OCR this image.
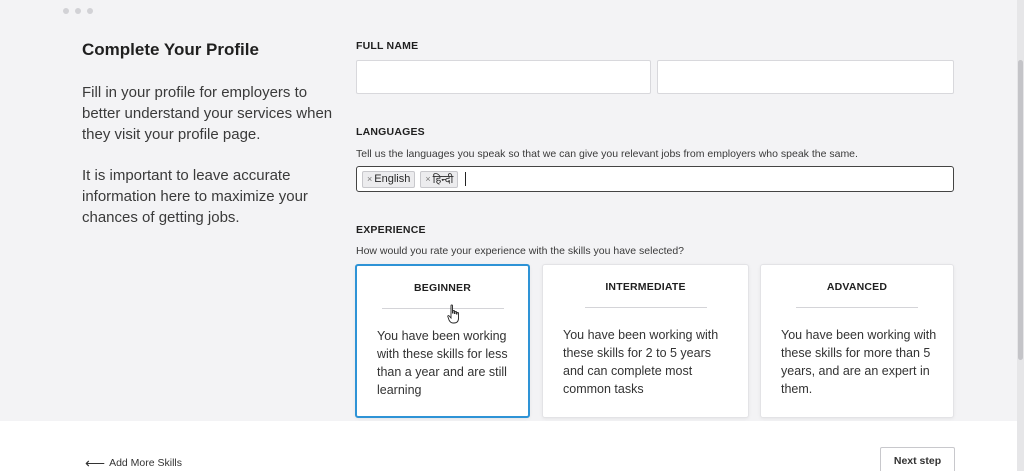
Complete Your Profile

Fill in your profile for employers to better understand your services when they visit your profile page.

It is important to leave accurate information here to maximize your chances of getting jobs.

FULL NAME
LANGUAGES
Tell us the languages you speak so that we can give you relevant jobs from employers who speak the same.
× English × हिन्दी
EXPERIENCE
How would you rate your experience with the skills you have selected?
BEGINNER
You have been working with these skills for less than a year and are still learning
INTERMEDIATE
You have been working with these skills for 2 to 5 years and can complete most common tasks
ADVANCED
You have been working with these skills for more than 5 years, and are an expert in them.
⟵ Add More Skills	Next step
